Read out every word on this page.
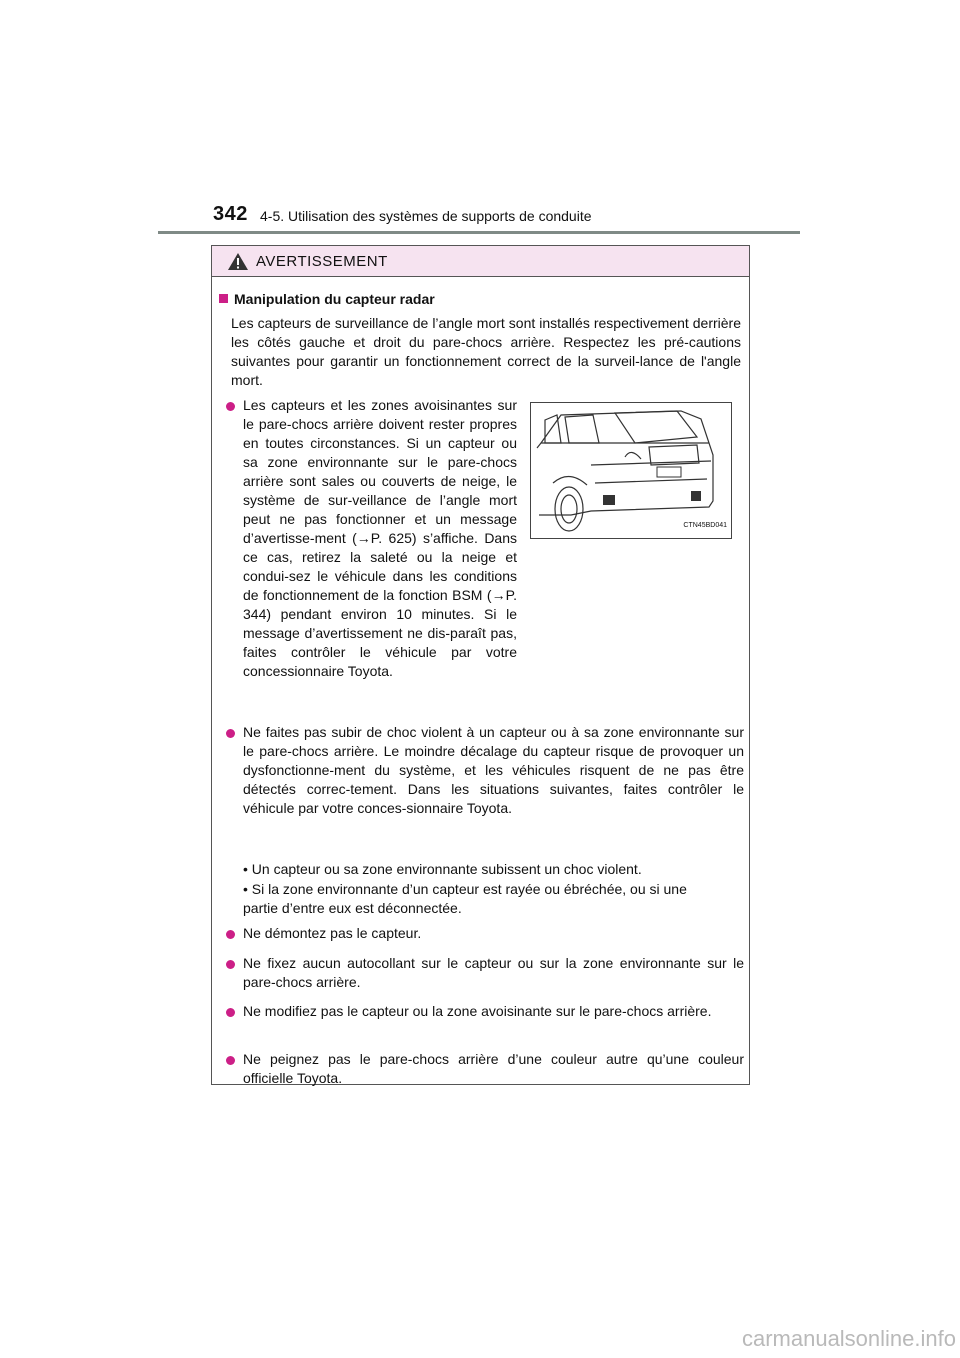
342 4-5. Utilisation des systèmes de supports de conduite
AVERTISSEMENT
Manipulation du capteur radar
Les capteurs de surveillance de l’angle mort sont installés respectivement derrière les côtés gauche et droit du pare-chocs arrière. Respectez les pré-cautions suivantes pour garantir un fonctionnement correct de la surveil-lance de l'angle mort.
Les capteurs et les zones avoisinantes sur le pare-chocs arrière doivent rester propres en toutes circonstances. Si un capteur ou sa zone environnante sur le pare-chocs arrière sont sales ou couverts de neige, le système de sur-veillance de l’angle mort peut ne pas fonctionner et un message d’avertisse-ment (→P. 625) s’affiche. Dans ce cas, retirez la saleté ou la neige et condui-sez le véhicule dans les conditions de fonctionnement de la fonction BSM (→P. 344) pendant environ 10 minutes. Si le message d’avertissement ne dis-paraît pas, faites contrôler le véhicule par votre concessionnaire Toyota.
CTN45BD041
Ne faites pas subir de choc violent à un capteur ou à sa zone environnante sur le pare-chocs arrière. Le moindre décalage du capteur risque de provoquer un dysfonctionne-ment du système, et les véhicules risquent de ne pas être détectés correc-tement. Dans les situations suivantes, faites contrôler le véhicule par votre conces-sionnaire Toyota.
• Un capteur ou sa zone environnante subissent un choc violent.
• Si la zone environnante d’un capteur est rayée ou ébréchée, ou si une partie d’entre eux est déconnectée.
Ne démontez pas le capteur.
Ne fixez aucun autocollant sur le capteur ou sur la zone environnante sur le pare-chocs arrière.
Ne modifiez pas le capteur ou la zone avoisinante sur le pare-chocs arrière.
Ne peignez pas le pare-chocs arrière d’une couleur autre qu’une couleur officielle Toyota.
carmanualsonline.info
